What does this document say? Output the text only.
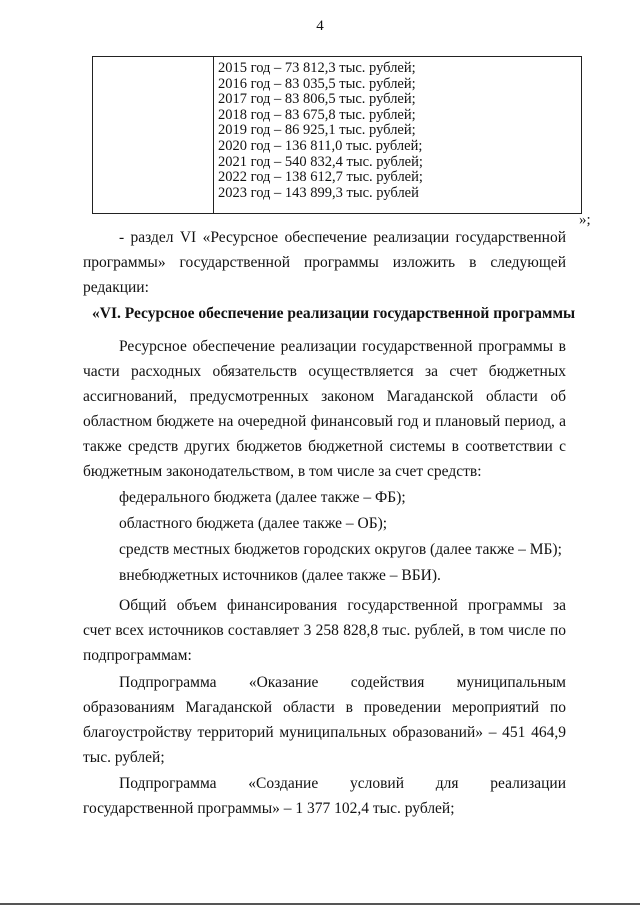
4
2015 год – 73 812,3 тыс. рублей;
2016 год – 83 035,5 тыс. рублей;
2017 год – 83 806,5 тыс. рублей;
2018 год – 83 675,8 тыс. рублей;
2019 год – 86 925,1 тыс. рублей;
2020 год – 136 811,0 тыс. рублей;
2021 год – 540 832,4 тыс. рублей;
2022 год – 138 612,7 тыс. рублей;
2023 год – 143 899,3 тыс. рублей
»;

- раздел VI «Ресурсное обеспечение реализации государственной программы» государственной программы изложить в следующей редакции:

«VI. Ресурсное обеспечение реализации государственной программы

Ресурсное обеспечение реализации государственной программы в части расходных обязательств осуществляется за счет бюджетных ассигнований, предусмотренных законом Магаданской области об областном бюджете на очередной финансовый год и плановый период, а также средств других бюджетов бюджетной системы в соответствии с бюджетным законодательством, в том числе за счет средств:

федерального бюджета (далее также – ФБ);

областного бюджета (далее также – ОБ);

средств местных бюджетов городских округов (далее также – МБ);

внебюджетных источников (далее также – ВБИ).

Общий объем финансирования государственной программы за счет всех источников составляет 3 258 828,8 тыс. рублей, в том числе по подпрограммам:

Подпрограмма «Оказание содействия муниципальным образованиям Магаданской области в проведении мероприятий по благоустройству территорий муниципальных образований» – 451 464,9 тыс. рублей;

Подпрограмма «Создание условий для реализации государственной программы» – 1 377 102,4 тыс. рублей;
